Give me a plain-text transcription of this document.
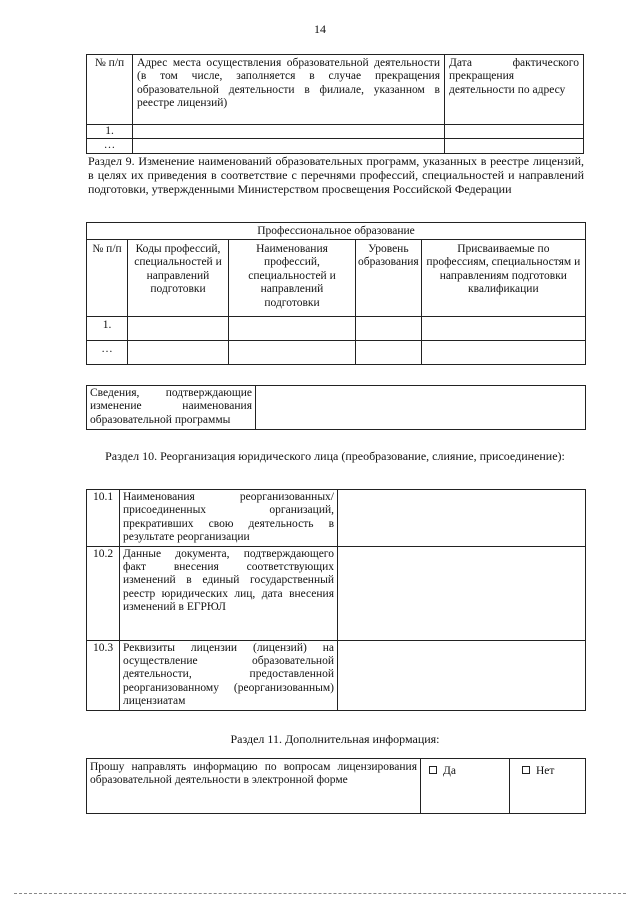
14
№ п/п	Адрес места осуществления образовательной деятельности (в том числе, заполняется в случае прекращения образовательной деятельности в филиале, указанном в реестре лицензий)	Дата фактического прекращения деятельности по адресу
1.		
…		
Раздел 9. Изменение наименований образовательных программ, указанных в реестре лицензий, в целях их приведения в соответствие с перечнями профессий, специальностей и направлений подготовки, утвержденными Министерством просвещения Российской Федерации
Профессиональное образование				
№ п/п	Коды профессий, специальностей и направлений подготовки	Наименования профессий, специальностей и направлений подготовки	Уровень образования	Присваиваемые по профессиям, специальностям и направлениям подготовки квалификации
1.				
…				
Сведения, подтверждающие изменение наименования образовательной программы	
Раздел 10. Реорганизация юридического лица (преобразование, слияние, присоединение):
10.1	Наименования реорганизованных/ присоединенных организаций, прекративших свою деятельность в результате реорганизации	
10.2	Данные документа, подтверждающего факт внесения соответствующих изменений в единый государственный реестр юридических лиц, дата внесения изменений в ЕГРЮЛ	
10.3	Реквизиты лицензии (лицензий) на осуществление образовательной деятельности, предоставленной реорганизованному (реорганизованным) лицензиатам	
Раздел 11. Дополнительная информация:
Прошу направлять информацию по вопросам лицензирования образовательной деятельности в электронной форме	Да	Нет
